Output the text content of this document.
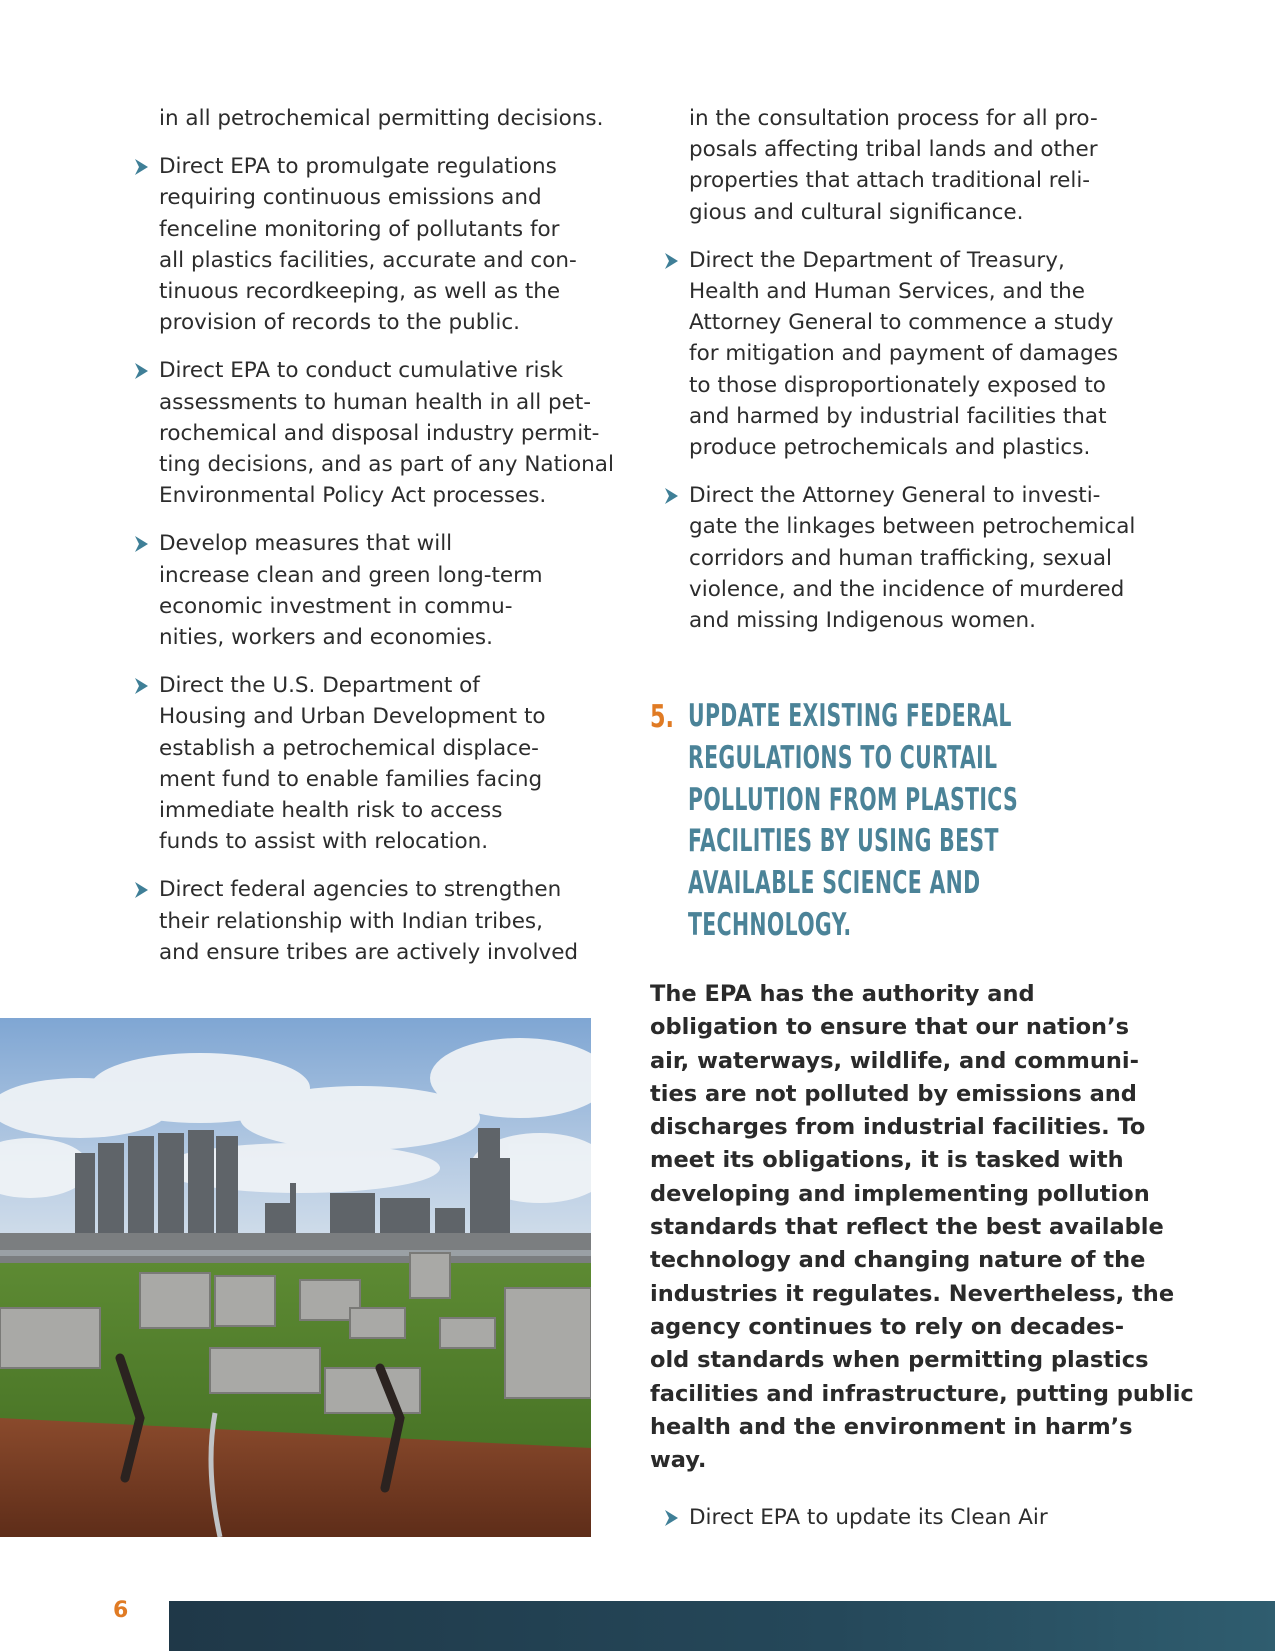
in all petrochemical permitting decisions.
Direct EPA to promulgate regulations
requiring continuous emissions and
fenceline monitoring of pollutants for
all plastics facilities, accurate and con-
tinuous recordkeeping, as well as the
provision of records to the public.
Direct EPA to conduct cumulative risk
assessments to human health in all pet-
rochemical and disposal industry permit-
ting decisions, and as part of any National
Environmental Policy Act processes.
Develop measures that will
increase clean and green long-term
economic investment in commu-
nities, workers and economies.
Direct the U.S. Department of
Housing and Urban Development to
establish a petrochemical displace-
ment fund to enable families facing
immediate health risk to access
funds to assist with relocation.
Direct federal agencies to strengthen
their relationship with Indian tribes,
and ensure tribes are actively involved
in the consultation process for all pro-
posals affecting tribal lands and other
properties that attach traditional reli-
gious and cultural significance.
Direct the Department of Treasury,
Health and Human Services, and the
Attorney General to commence a study
for mitigation and payment of damages
to those disproportionately exposed to
and harmed by industrial facilities that
produce petrochemicals and plastics.
Direct the Attorney General to investi-
gate the linkages between petrochemical
corridors and human trafficking, sexual
violence, and the incidence of murdered
and missing Indigenous women.
5. UPDATE EXISTING FEDERAL
REGULATIONS TO CURTAIL
POLLUTION FROM PLASTICS
FACILITIES BY USING BEST
AVAILABLE SCIENCE AND
TECHNOLOGY.
The EPA has the authority and
obligation to ensure that our nation’s
air, waterways, wildlife, and communi-
ties are not polluted by emissions and
discharges from industrial facilities. To
meet its obligations, it is tasked with
developing and implementing pollution
standards that reflect the best available
technology and changing nature of the
industries it regulates. Nevertheless, the
agency continues to rely on decades-
old standards when permitting plastics
facilities and infrastructure, putting public
health and the environment in harm’s
way.
Direct EPA to update its Clean Air
6
